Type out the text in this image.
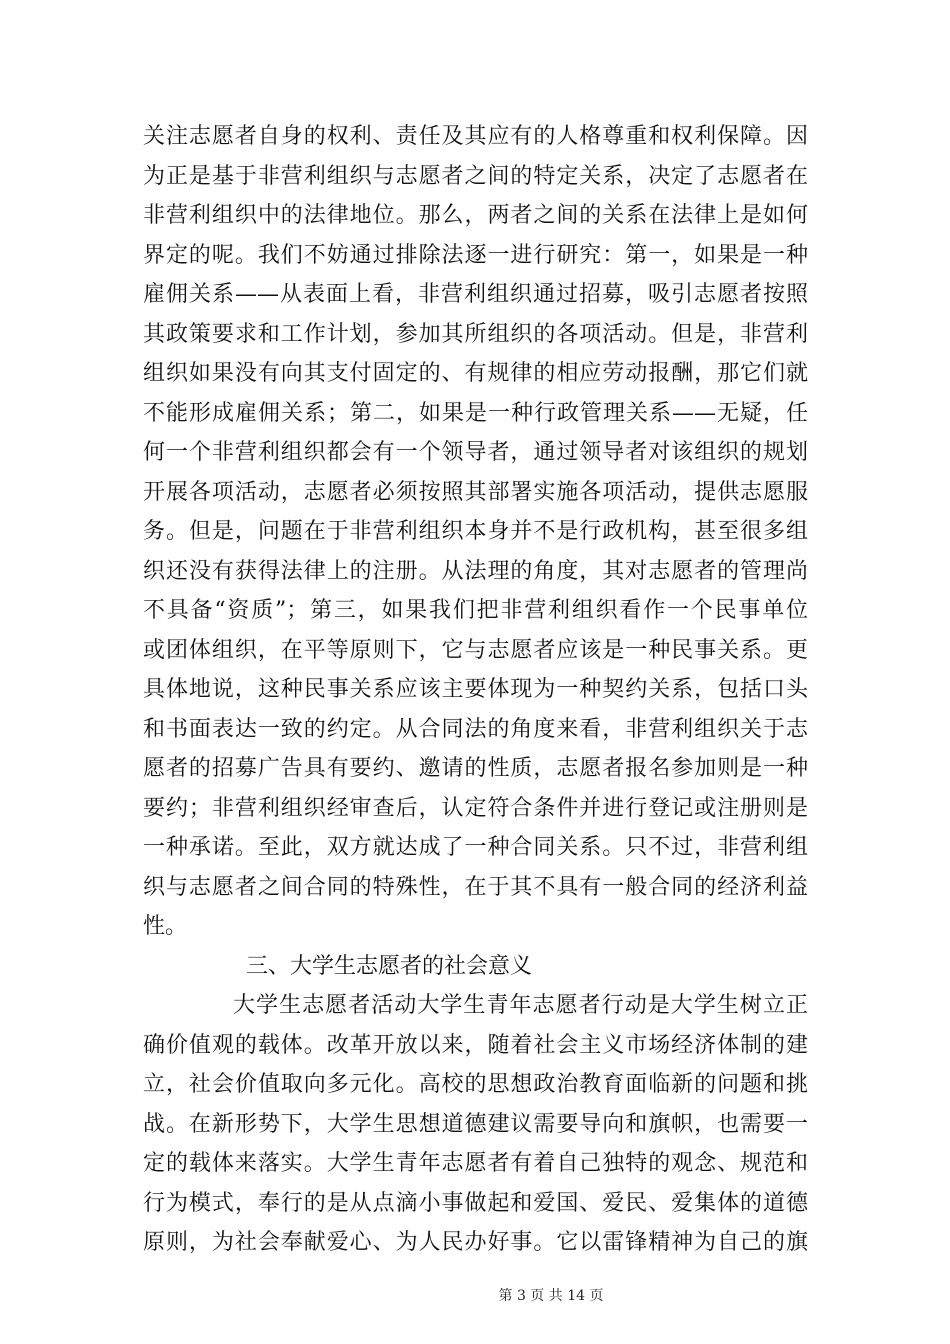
关注志愿者自身的权利、责任及其应有的人格尊重和权利保障。因
为正是基于非营利组织与志愿者之间的特定关系，决定了志愿者在
非营利组织中的法律地位。那么，两者之间的关系在法律上是如何
界定的呢。我们不妨通过排除法逐一进行研究：第一，如果是一种
雇佣关系——从表面上看，非营利组织通过招募，吸引志愿者按照
其政策要求和工作计划，参加其所组织的各项活动。但是，非营利
组织如果没有向其支付固定的、有规律的相应劳动报酬，那它们就
不能形成雇佣关系；第二，如果是一种行政管理关系——无疑，任
何一个非营利组织都会有一个领导者，通过领导者对该组织的规划
开展各项活动，志愿者必须按照其部署实施各项活动，提供志愿服
务。但是，问题在于非营利组织本身并不是行政机构，甚至很多组
织还没有获得法律上的注册。从法理的角度，其对志愿者的管理尚
不具备“资质”；第三，如果我们把非营利组织看作一个民事单位
或团体组织，在平等原则下，它与志愿者应该是一种民事关系。更
具体地说，这种民事关系应该主要体现为一种契约关系，包括口头
和书面表达一致的约定。从合同法的角度来看，非营利组织关于志
愿者的招募广告具有要约、邀请的性质，志愿者报名参加则是一种
要约；非营利组织经审查后，认定符合条件并进行登记或注册则是
一种承诺。至此，双方就达成了一种合同关系。只不过，非营利组
织与志愿者之间合同的特殊性，在于其不具有一般合同的经济利益
性。
三、大学生志愿者的社会意义
大学生志愿者活动大学生青年志愿者行动是大学生树立正
确价值观的载体。改革开放以来，随着社会主义市场经济体制的建
立，社会价值取向多元化。高校的思想政治教育面临新的问题和挑
战。在新形势下，大学生思想道德建议需要导向和旗帜，也需要一
定的载体来落实。大学生青年志愿者有着自己独特的观念、规范和
行为模式，奉行的是从点滴小事做起和爱国、爱民、爱集体的道德
原则，为社会奉献爱心、为人民办好事。它以雷锋精神为自己的旗
第 3 页 共 14 页
